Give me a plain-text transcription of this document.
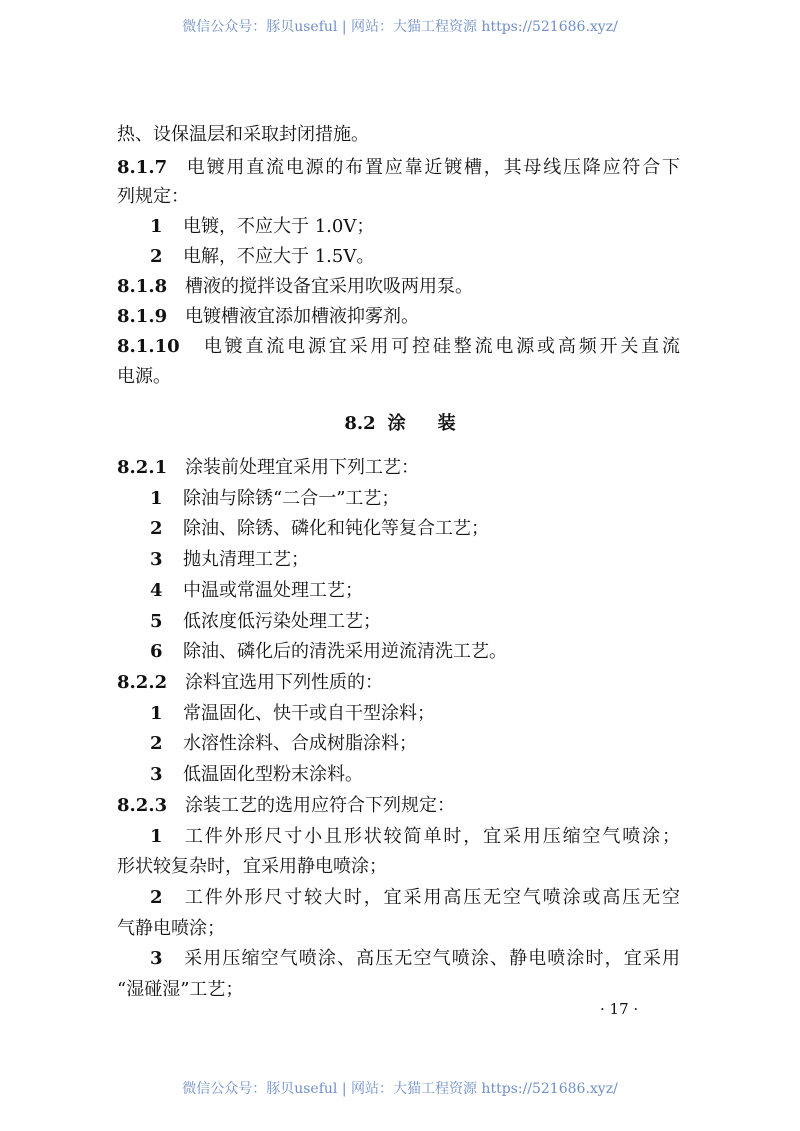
微信公众号：豚贝useful | 网站：大猫工程资源 https://521686.xyz/
热、设保温层和采取封闭措施。
8.1.7 电镀用直流电源的布置应靠近镀槽，其母线压降应符合下
列规定：
1 电镀，不应大于 1.0V；
2 电解，不应大于 1.5V。
8.1.8 槽液的搅拌设备宜采用吹吸两用泵。
8.1.9 电镀槽液宜添加槽液抑雾剂。
8.1.10 电镀直流电源宜采用可控硅整流电源或高频开关直流
电源。
8.2 涂 装
8.2.1 涂装前处理宜采用下列工艺：
1 除油与除锈“二合一”工艺；
2 除油、除锈、磷化和钝化等复合工艺；
3 抛丸清理工艺；
4 中温或常温处理工艺；
5 低浓度低污染处理工艺；
6 除油、磷化后的清洗采用逆流清洗工艺。
8.2.2 涂料宜选用下列性质的：
1 常温固化、快干或自干型涂料；
2 水溶性涂料、合成树脂涂料；
3 低温固化型粉末涂料。
8.2.3 涂装工艺的选用应符合下列规定：
1 工件外形尺寸小且形状较简单时，宜采用压缩空气喷涂；
形状较复杂时，宜采用静电喷涂；
2 工件外形尺寸较大时，宜采用高压无空气喷涂或高压无空
气静电喷涂；
3 采用压缩空气喷涂、高压无空气喷涂、静电喷涂时，宜采用
“湿碰湿”工艺；
· 17 ·
微信公众号：豚贝useful | 网站：大猫工程资源 https://521686.xyz/
